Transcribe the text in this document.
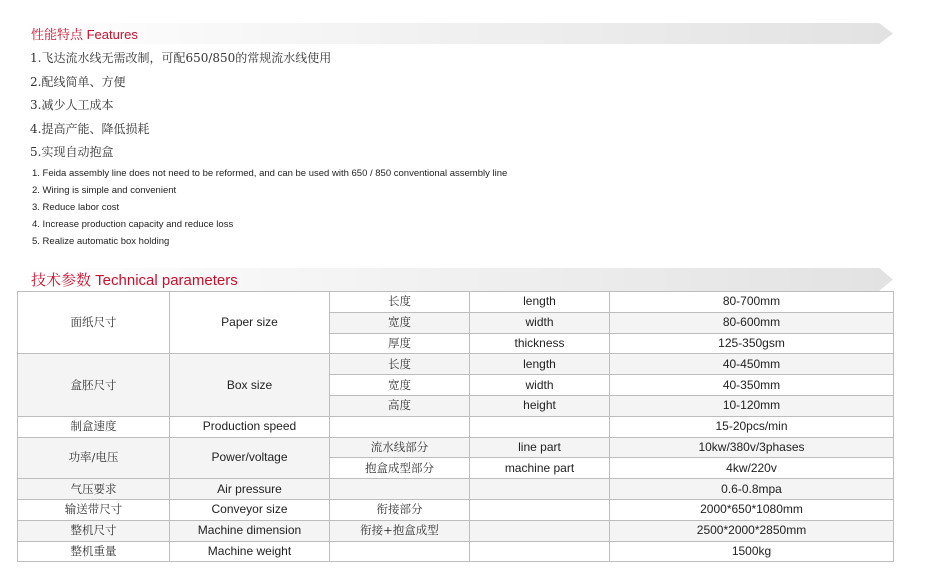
性能特点 Features
1.飞达流水线无需改制，可配650/850的常规流水线使用
2.配线简单、方便
3.减少人工成本
4.提高产能、降低损耗
5.实现自动抱盒
1. Feida assembly line does not need to be reformed, and can be used with 650 / 850 conventional assembly line
2. Wiring is simple and convenient
3. Reduce labor cost
4. Increase production capacity and reduce loss
5. Realize automatic box holding
技术参数 Technical parameters
面纸尺寸	Paper size	长度	length	80-700mm
		宽度	width	80-600mm
		厚度	thickness	125-350gsm
盒胚尺寸	Box size	长度	length	40-450mm
		宽度	width	40-350mm
		高度	height	10-120mm
制盒速度	Production speed			15-20pcs/min
功率/电压	Power/voltage	流水线部分	line part	10kw/380v/3phases
		抱盒成型部分	machine part	4kw/220v
气压要求	Air pressure			0.6-0.8mpa
输送带尺寸	Conveyor size	衔接部分		2000*650*1080mm
整机尺寸	Machine dimension	衔接+抱盒成型		2500*2000*2850mm
整机重量	Machine weight			1500kg
